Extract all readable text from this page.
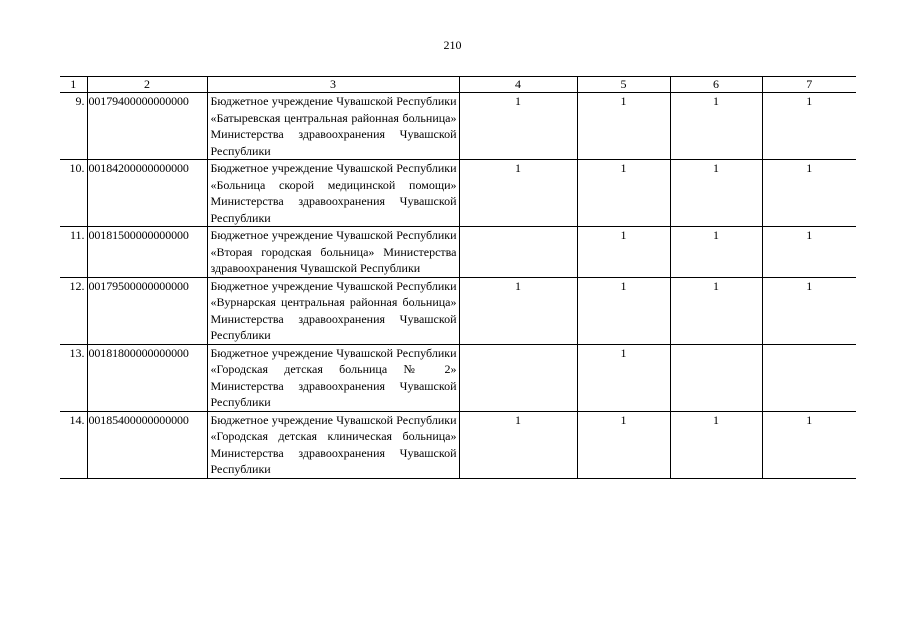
210
1	2	3	4	5	6	7
9.	00179400000000000	Бюджетное учреждение Чувашской Республики «Батыревская центральная районная больница» Министерства здравоохранения Чувашской Республики	1	1	1	1
10.	00184200000000000	Бюджетное учреждение Чувашской Республики «Больница скорой медицинской помощи» Министерства здравоохранения Чувашской Республики	1	1	1	1
11.	00181500000000000	Бюджетное учреждение Чувашской Республики «Вторая городская больница» Министерства здравоохранения Чувашской Республики		1	1	1
12.	00179500000000000	Бюджетное учреждение Чувашской Республики «Вурнарская центральная районная больница» Министерства здравоохранения Чувашской Республики	1	1	1	1
13.	00181800000000000	Бюджетное учреждение Чувашской Республики «Городская детская больница № 2» Министерства здравоохранения Чувашской Республики		1		
14.	00185400000000000	Бюджетное учреждение Чувашской Республики «Городская детская клиническая больница» Министерства здравоохранения Чувашской Республики	1	1	1	1
